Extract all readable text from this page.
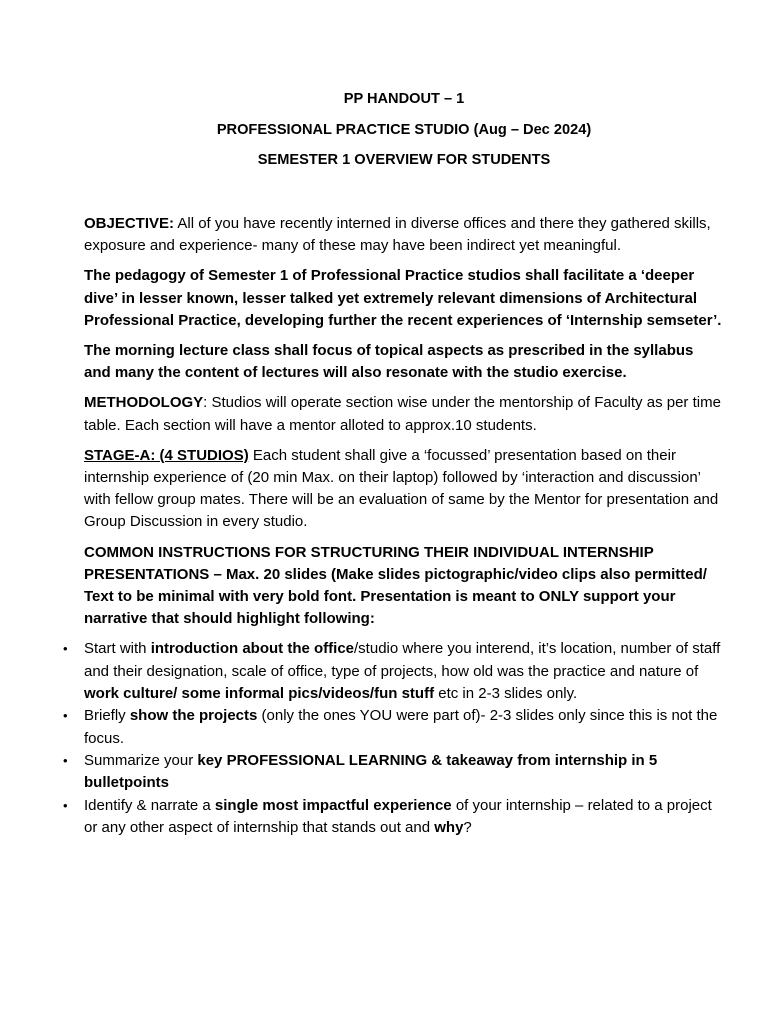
PP HANDOUT – 1
PROFESSIONAL PRACTICE STUDIO (Aug – Dec 2024)
SEMESTER 1 OVERVIEW FOR STUDENTS

OBJECTIVE: All of you have recently interned in diverse offices and there they gathered skills, exposure and experience- many of these may have been indirect yet meaningful.

The pedagogy of Semester 1 of Professional Practice studios shall facilitate a ‘deeper dive’ in lesser known, lesser talked yet extremely relevant dimensions of Architectural Professional Practice, developing further the recent experiences of ‘Internship semseter’.

The morning lecture class shall focus of topical aspects as prescribed in the syllabus and many the content of lectures will also resonate with the studio exercise.

METHODOLOGY: Studios will operate section wise under the mentorship of Faculty as per time table. Each section will have a mentor alloted to approx.10 students.

STAGE-A: (4 STUDIOS) Each student shall give a ‘focussed’ presentation based on their internship experience of (20 min Max. on their laptop) followed by ‘interaction and discussion’ with fellow group mates. There will be an evaluation of same by the Mentor for presentation and Group Discussion in every studio.

COMMON INSTRUCTIONS FOR STRUCTURING THEIR INDIVIDUAL INTERNSHIP PRESENTATIONS – Max. 20 slides (Make slides pictographic/video clips also permitted/ Text to be minimal with very bold font. Presentation is meant to ONLY support your narrative that should highlight following:

• Start with introduction about the office/studio where you interend, it’s location, number of staff and their designation, scale of office, type of projects, how old was the practice and nature of work culture/ some informal pics/videos/fun stuff etc in 2-3 slides only.
• Briefly show the projects (only the ones YOU were part of)- 2-3 slides only since this is not the focus.
• Summarize your key PROFESSIONAL LEARNING & takeaway from internship in 5 bulletpoints
• Identify & narrate a single most impactful experience of your internship – related to a project or any other aspect of internship that stands out and why?
